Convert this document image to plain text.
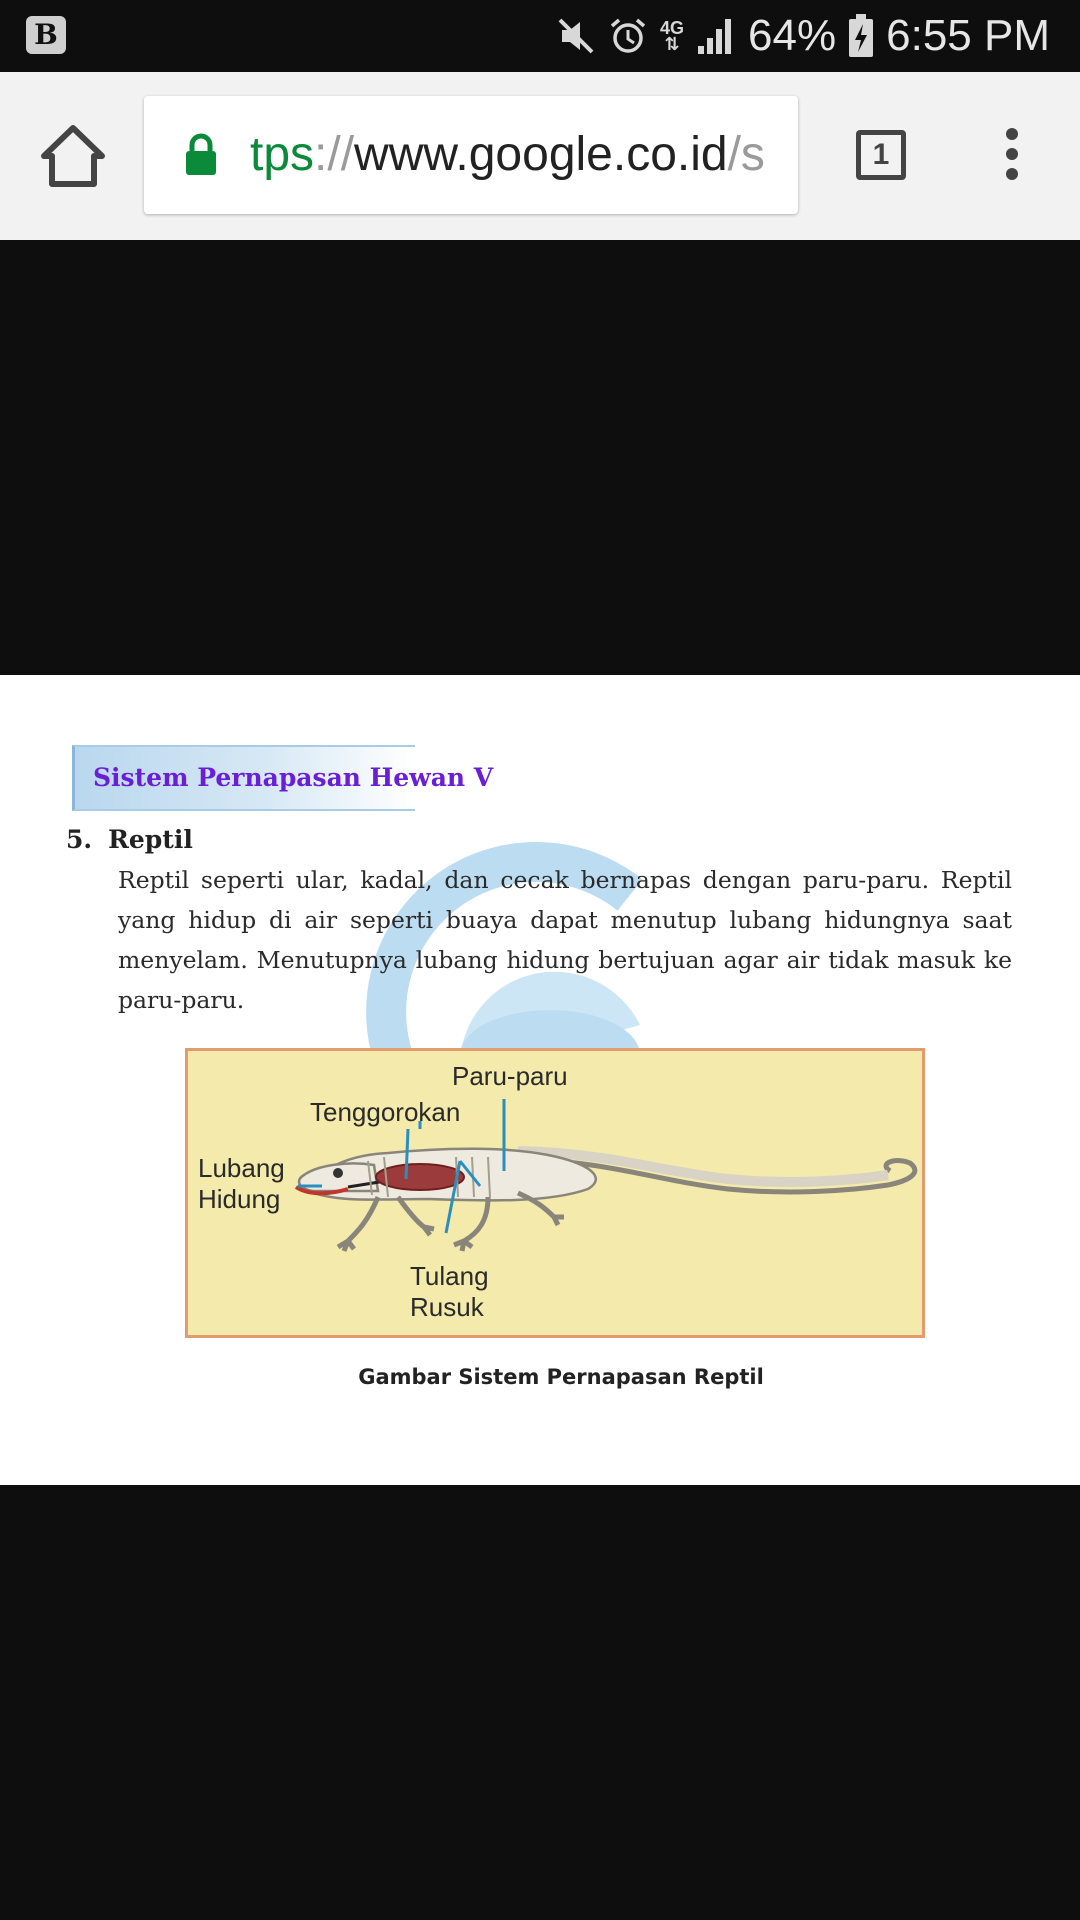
B	4G
⇅ 64% 6:55 PM
tps://www.google.co.id/s	1
Sistem Pernapasan Hewan V
5. Reptil
Reptil seperti ular, kadal, dan cecak bernapas dengan paru-paru. Reptil yang hidup di air seperti buaya dapat menutup lubang hidungnya saat menyelam. Menutupnya lubang hidung bertujuan agar air tidak masuk ke paru-paru.
Paru-paru
Tenggorokan
Lubang
Hidung
Tulang
Rusuk
Gambar Sistem Pernapasan Reptil
